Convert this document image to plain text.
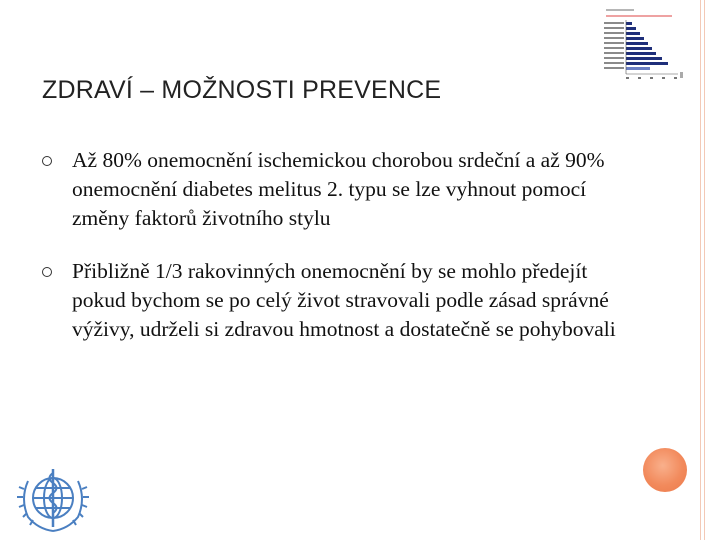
ZDRAVÍ – MOŽNOSTI PREVENCE
Až 80% onemocnění ischemickou chorobou srdeční a až 90% onemocnění diabetes melitus 2. typu se lze vyhnout pomocí změny faktorů životního stylu
Přibližně 1/3 rakovinných onemocnění by se mohlo předejít pokud bychom se po celý život stravovali podle zásad správné výživy, udrželi si zdravou hmotnost a dostatečně se pohybovali
